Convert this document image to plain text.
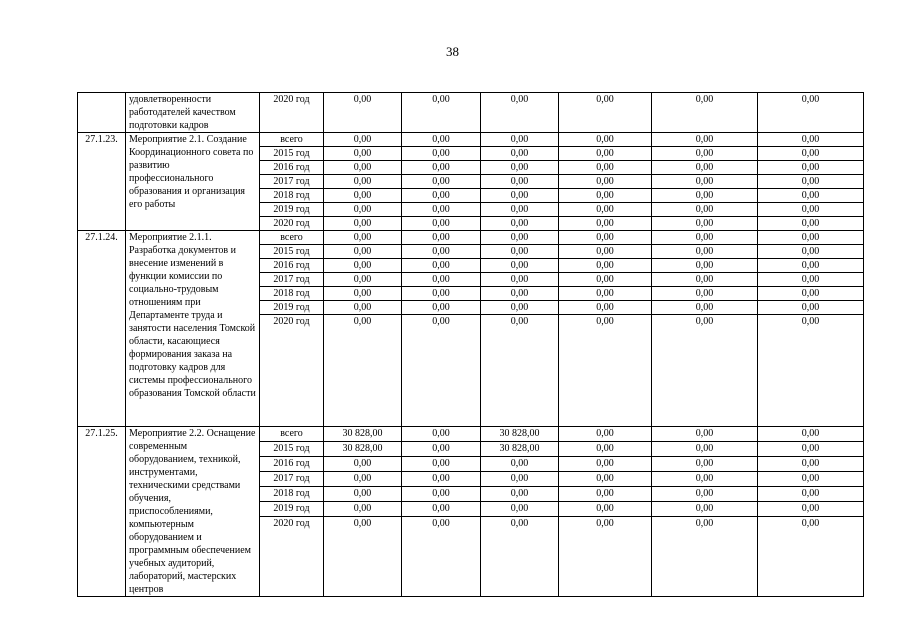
38
	удовлетворенности работодателей качеством подготовки кадров	2020 год	0,00	0,00	0,00	0,00	0,00	0,00
27.1.23.	Мероприятие 2.1. Создание Координационного совета по развитию профессионального образования и организация его работы	всего	0,00	0,00	0,00	0,00	0,00	0,00
		2015 год	0,00	0,00	0,00	0,00	0,00	0,00
		2016 год	0,00	0,00	0,00	0,00	0,00	0,00
		2017 год	0,00	0,00	0,00	0,00	0,00	0,00
		2018 год	0,00	0,00	0,00	0,00	0,00	0,00
		2019 год	0,00	0,00	0,00	0,00	0,00	0,00
		2020 год	0,00	0,00	0,00	0,00	0,00	0,00
27.1.24.	Мероприятие 2.1.1. Разработка документов и внесение изменений в функции комиссии по социально-трудовым отношениям при Департаменте труда и занятости населения Томской области, касающиеся формирования заказа на подготовку кадров для системы профессионального образования Томской области	всего	0,00	0,00	0,00	0,00	0,00	0,00
		2015 год	0,00	0,00	0,00	0,00	0,00	0,00
		2016 год	0,00	0,00	0,00	0,00	0,00	0,00
		2017 год	0,00	0,00	0,00	0,00	0,00	0,00
		2018 год	0,00	0,00	0,00	0,00	0,00	0,00
		2019 год	0,00	0,00	0,00	0,00	0,00	0,00
		2020 год	0,00	0,00	0,00	0,00	0,00	0,00
27.1.25.	Мероприятие 2.2. Оснащение современным оборудованием, техникой, инструментами, техническими средствами обучения, приспособлениями, компьютерным оборудованием и программным обеспечением учебных аудиторий, лабораторий, мастерских центров	всего	30 828,00	0,00	30 828,00	0,00	0,00	0,00
		2015 год	30 828,00	0,00	30 828,00	0,00	0,00	0,00
		2016 год	0,00	0,00	0,00	0,00	0,00	0,00
		2017 год	0,00	0,00	0,00	0,00	0,00	0,00
		2018 год	0,00	0,00	0,00	0,00	0,00	0,00
		2019 год	0,00	0,00	0,00	0,00	0,00	0,00
		2020 год	0,00	0,00	0,00	0,00	0,00	0,00
